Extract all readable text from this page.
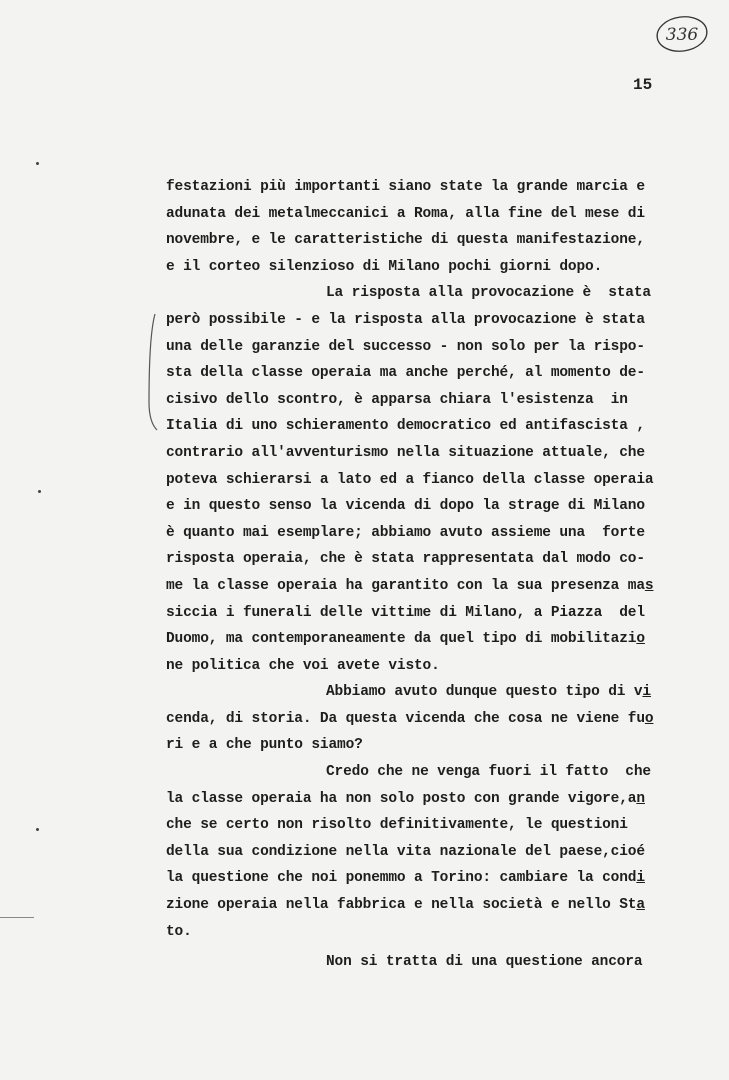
336
15
festazioni più importanti siano state la grande marcia e
adunata dei metalmeccanici a Roma, alla fine del mese di
novembre, e le caratteristiche di questa manifestazione,
e il corteo silenzioso di Milano pochi giorni dopo.
La risposta alla provocazione è  stata
però possibile - e la risposta alla provocazione è stata
una delle garanzie del successo - non solo per la rispo-
sta della classe operaia ma anche perché, al momento de-
cisivo dello scontro, è apparsa chiara l'esistenza  in
Italia di uno schieramento democratico ed antifascista ,
contrario all'avventurismo nella situazione attuale, che
poteva schierarsi a lato ed a fianco della classe operaia
e in questo senso la vicenda di dopo la strage di Milano
è quanto mai esemplare; abbiamo avuto assieme una  forte
risposta operaia, che è stata rappresentata dal modo co-
me la classe operaia ha garantito con la sua presenza mas
siccia i funerali delle vittime di Milano, a Piazza  del
Duomo, ma contemporaneamente da quel tipo di mobilitazio
ne politica che voi avete visto.
Abbiamo avuto dunque questo tipo di vi
cenda, di storia. Da questa vicenda che cosa ne viene fuo
ri e a che punto siamo?
Credo che ne venga fuori il fatto  che
la classe operaia ha non solo posto con grande vigore,an
che se certo non risolto definitivamente, le questioni
della sua condizione nella vita nazionale del paese,cioé
la questione che noi ponemmo a Torino: cambiare la condi
zione operaia nella fabbrica e nella società e nello Sta
to.
Non si tratta di una questione ancora
